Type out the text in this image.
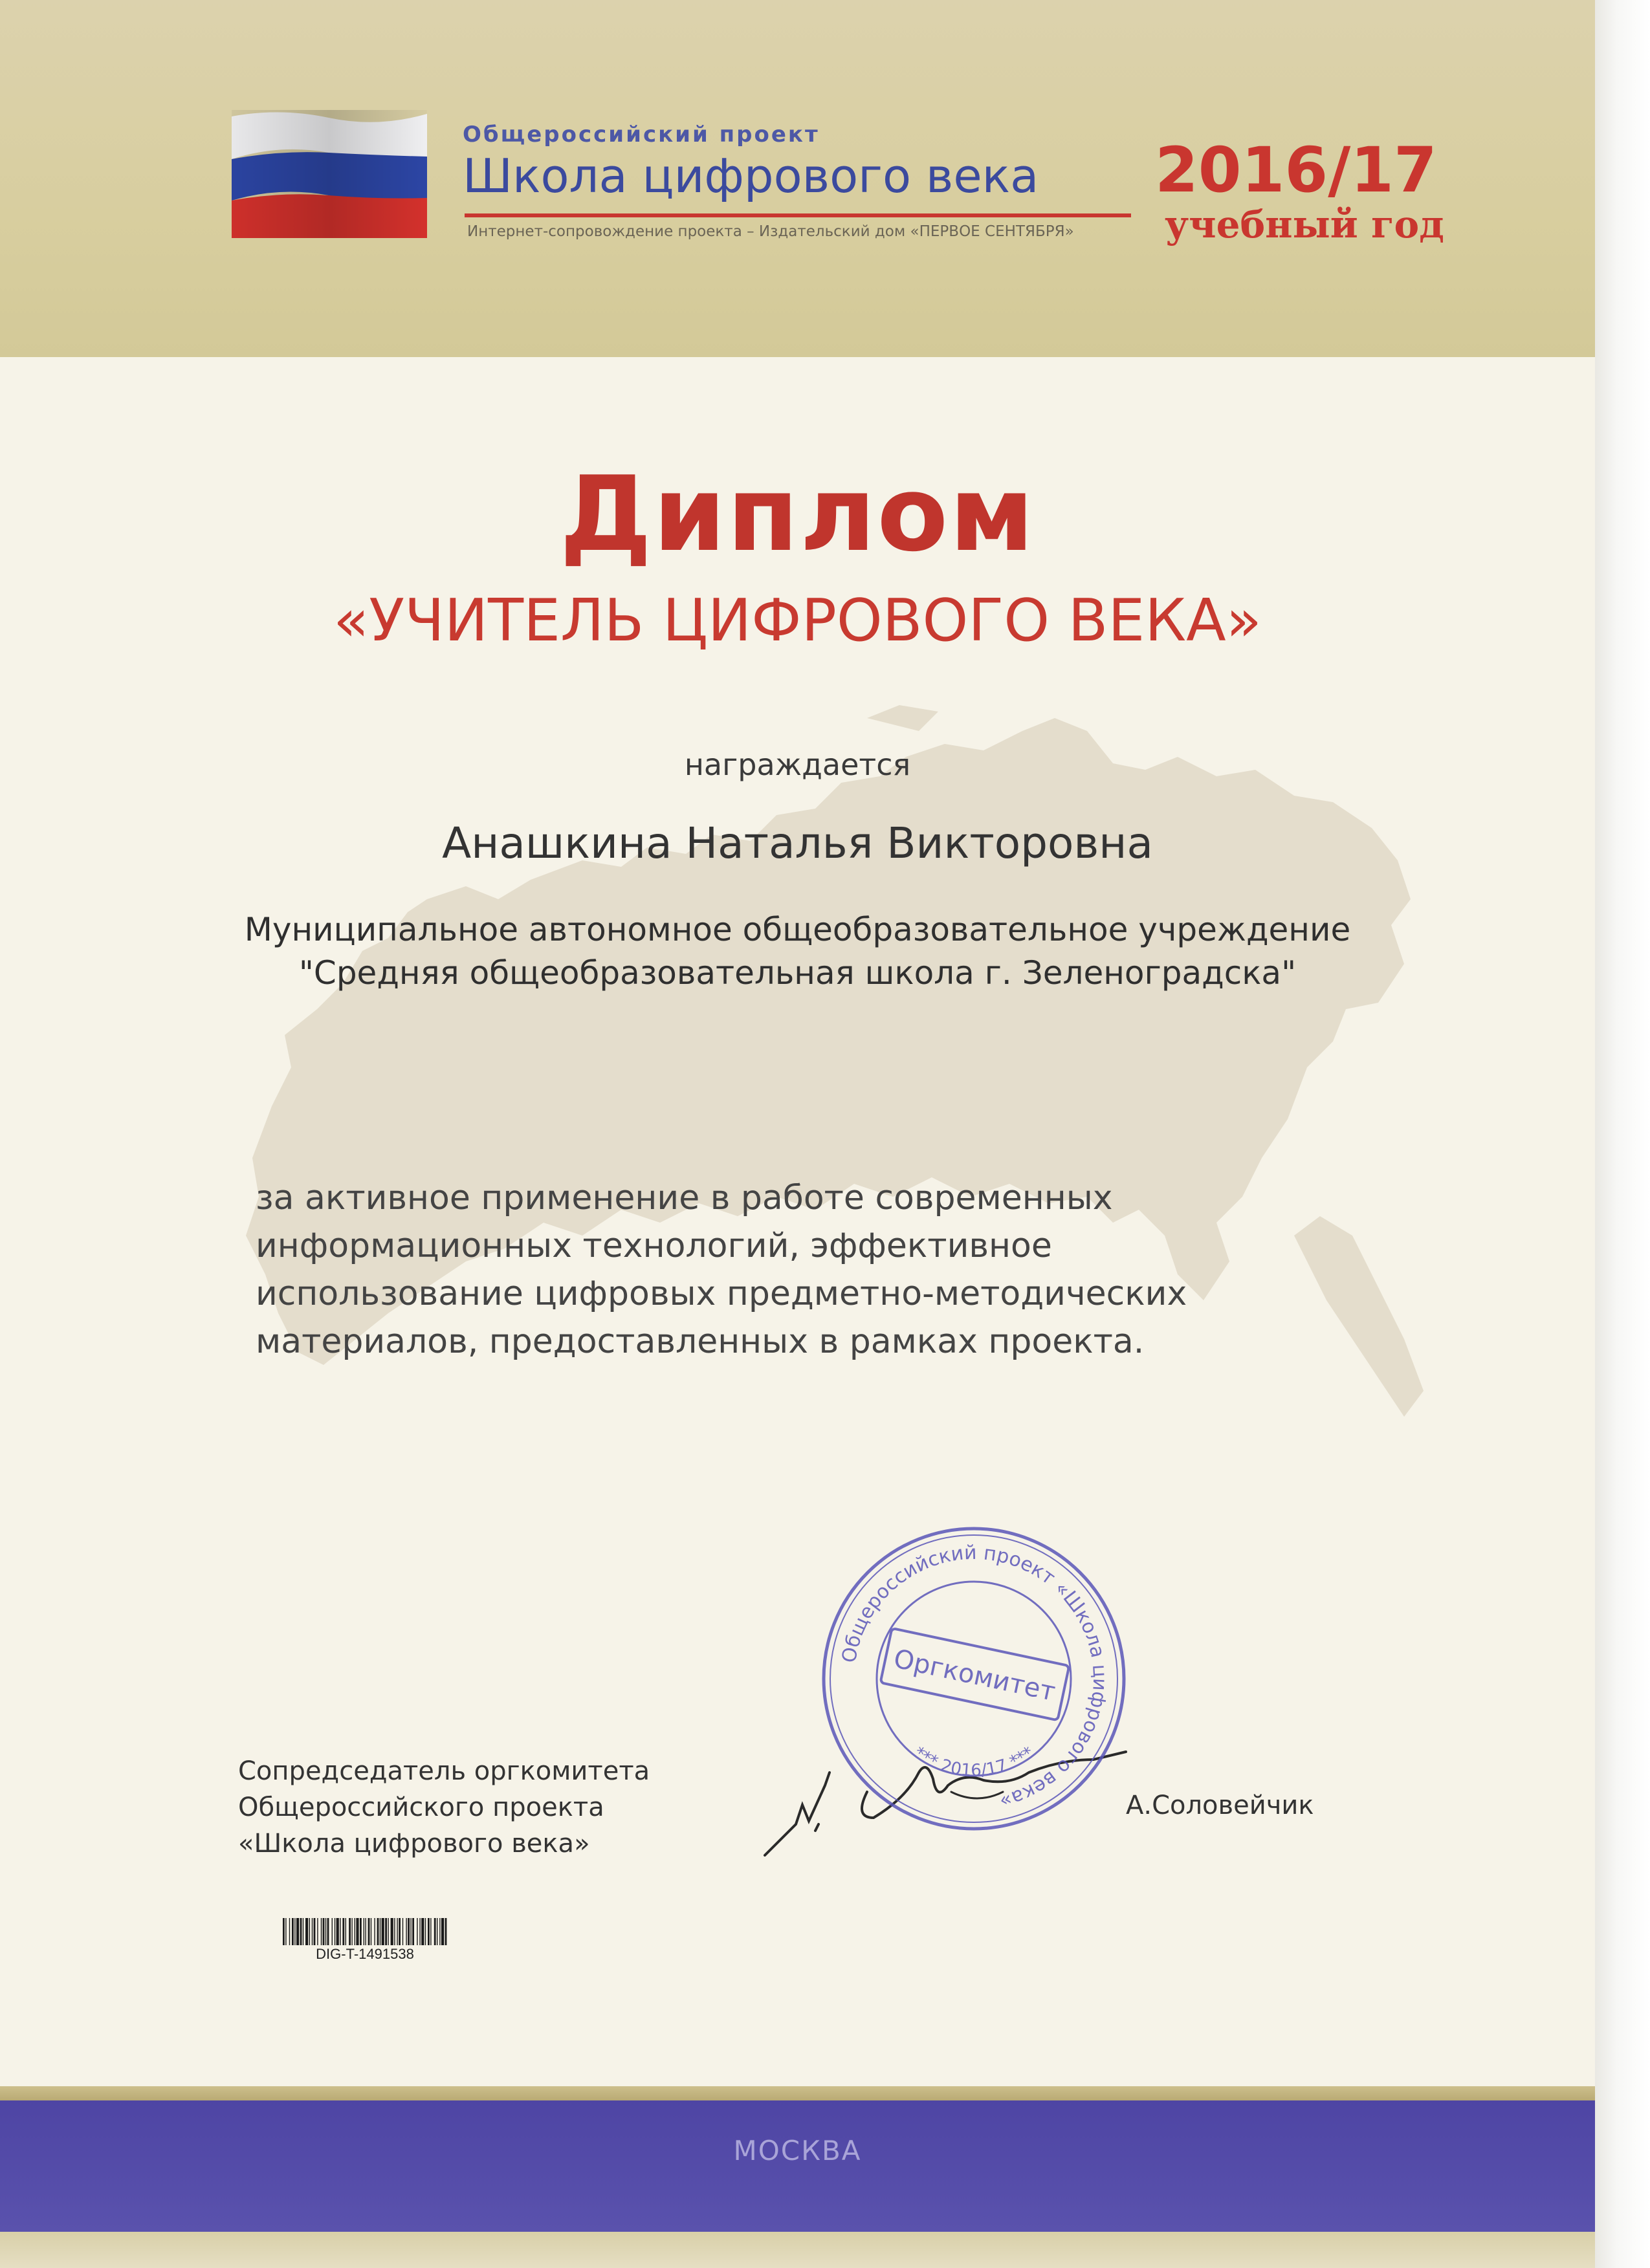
Общероссийский проект
Школа цифрового века
Интернет-сопровождение проекта – Издательский дом «ПЕРВОЕ СЕНТЯБРЯ»
2016/17
учебный год
Диплом
«УЧИТЕЛЬ ЦИФРОВОГО ВЕКА»
награждается
Анашкина Наталья Викторовна
Муниципальное автономное общеобразовательное учреждение
"Средняя общеобразовательная школа г. Зеленоградска"
за активное применение в работе современных
информационных технологий, эффективное
использование цифровых предметно-методических
материалов, предоставленных в рамках проекта.
Сопредседатель оргкомитета
Общероссийского проекта
«Школа цифрового века»
Общероссийский проект «Школа цифрового века»
Оргкомитет
*** 2016/17 ***
А.Соловейчик
DIG-T-1491538
МОСКВА
